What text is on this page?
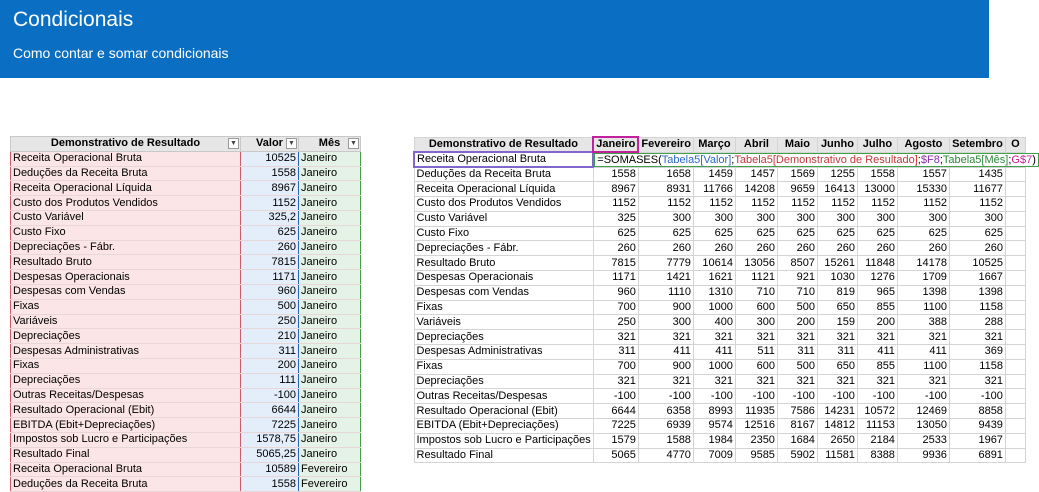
Condicionais
Como contar e somar condicionais
Demonstrativo de Resultado ▼	Valor ▼	Mês ▼

Receita Operacional Bruta	10525	Janeiro
Deduções da Receita Bruta	1558	Janeiro
Receita Operacional Líquida	8967	Janeiro
Custo dos Produtos Vendidos	1152	Janeiro
Custo Variável	325,2	Janeiro
Custo Fixo	625	Janeiro
Depreciações - Fábr.	260	Janeiro
Resultado Bruto	7815	Janeiro
Despesas Operacionais	1171	Janeiro
Despesas com Vendas	960	Janeiro
Fixas	500	Janeiro
Variáveis	250	Janeiro
Depreciações	210	Janeiro
Despesas Administrativas	311	Janeiro
Fixas	200	Janeiro
Depreciações	111	Janeiro
Outras Receitas/Despesas	-100	Janeiro
Resultado Operacional (Ebit)	6644	Janeiro
EBITDA (Ebit+Depreciações)	7225	Janeiro
Impostos sob Lucro e Participações	1578,75	Janeiro
Resultado Final	5065,25	Janeiro
Receita Operacional Bruta	10589	Fevereiro
Deduções da Receita Bruta	1558	Fevereiro
Demonstrativo de Resultado	Janeiro	Fevereiro	Março	Abril	Maio	Junho	Julho	Agosto	Setembro	O
Receita Operacional Bruta	=SOMASES(Tabela5[Valor];Tabela5[Demonstrativo de Resultado];$F8;Tabela5[Mês];G$7)									

Deduções da Receita Bruta	1558	1658	1459	1457	1569	1255	1558	1557	1435	
Receita Operacional Líquida	8967	8931	11766	14208	9659	16413	13000	15330	11677	
Custo dos Produtos Vendidos	1152	1152	1152	1152	1152	1152	1152	1152	1152	
Custo Variável	325	300	300	300	300	300	300	300	300	
Custo Fixo	625	625	625	625	625	625	625	625	625	
Depreciações - Fábr.	260	260	260	260	260	260	260	260	260	
Resultado Bruto	7815	7779	10614	13056	8507	15261	11848	14178	10525	
Despesas Operacionais	1171	1421	1621	1121	921	1030	1276	1709	1667	
Despesas com Vendas	960	1110	1310	710	710	819	965	1398	1398	
Fixas	700	900	1000	600	500	650	855	1100	1158	
Variáveis	250	300	400	300	200	159	200	388	288	
Depreciações	321	321	321	321	321	321	321	321	321	
Despesas Administrativas	311	411	411	511	311	311	411	411	369	
Fixas	700	900	1000	600	500	650	855	1100	1158	
Depreciações	321	321	321	321	321	321	321	321	321	
Outras Receitas/Despesas	-100	-100	-100	-100	-100	-100	-100	-100	-100	
Resultado Operacional (Ebit)	6644	6358	8993	11935	7586	14231	10572	12469	8858	
EBITDA (Ebit+Depreciações)	7225	6939	9574	12516	8167	14812	11153	13050	9439	
Impostos sob Lucro e Participações	1579	1588	1984	2350	1684	2650	2184	2533	1967	
Resultado Final	5065	4770	7009	9585	5902	11581	8388	9936	6891	
